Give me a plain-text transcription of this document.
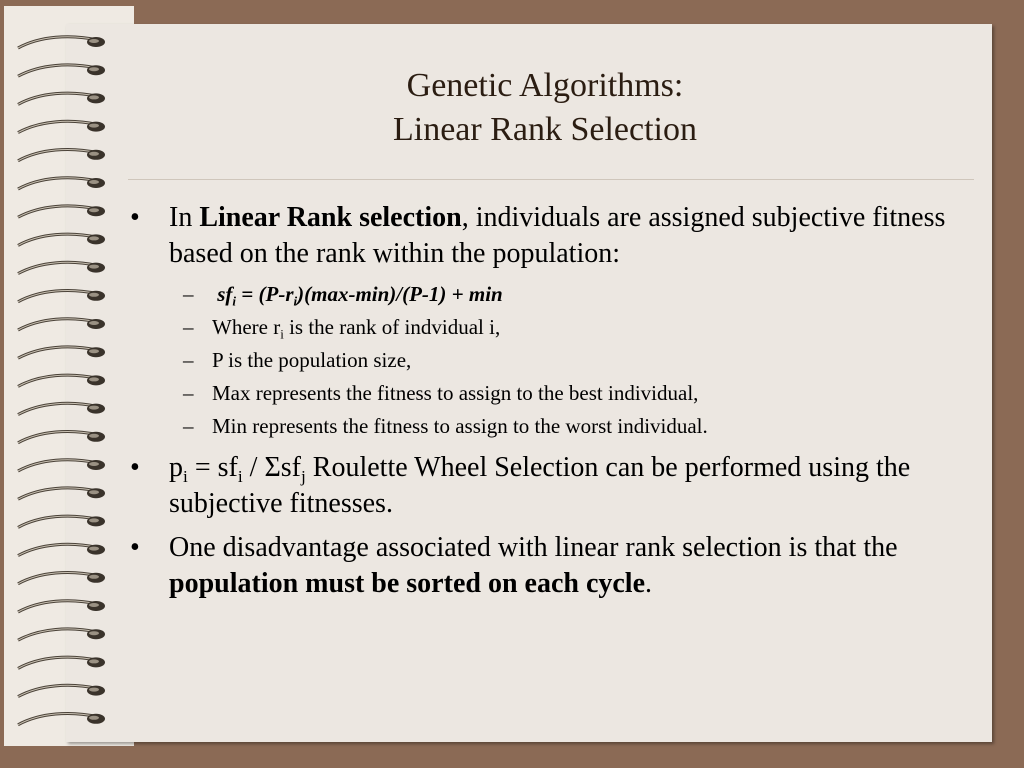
Genetic Algorithms:
Linear Rank Selection
• In Linear Rank selection, individuals are assigned subjective fitness based on the rank within the population:
– $sf_i = (P-r_i)(\max-\min)/(P-1) + \min$
– Where $r_i$ is the rank of indvidual i,
– P is the population size,
– Max represents the fitness to assign to the best individual,
– Min represents the fitness to assign to the worst individual.
• $p_i = sf_i / \Sigma sf_j$ Roulette Wheel Selection can be performed using the subjective fitnesses.
• One disadvantage associated with linear rank selection is that the population must be sorted on each cycle.
